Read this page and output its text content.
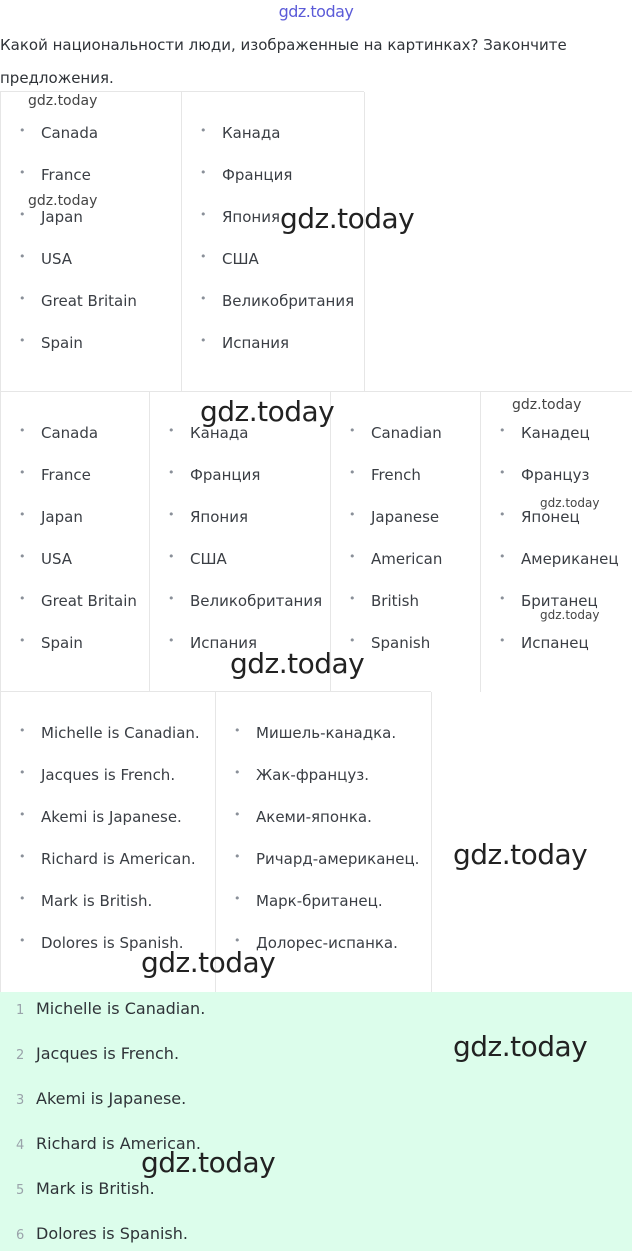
gdz.today
Какой национальности люди, изображенные на картинках? Закончите предложения.
• Canada
• France
• Japan
• USA
• Great Britain
• Spain
• Канада
• Франция
• Япония
• США
• Великобритания
• Испания
• Canada
• France
• Japan
• USA
• Great Britain
• Spain
• Канада
• Франция
• Япония
• США
• Великобритания
• Испания
• Canadian
• French
• Japanese
• American
• British
• Spanish
• Канадец
• Француз
• Японец
• Американец
• Британец
• Испанец
• Michelle is Canadian.
• Jacques is French.
• Akemi is Japanese.
• Richard is American.
• Mark is British.
• Dolores is Spanish.
• Мишель-канадка.
• Жак-француз.
• Акеми-японка.
• Ричард-американец.
• Марк-британец.
• Долорес-испанка.
1 Michelle is Canadian.
2 Jacques is French.
3 Akemi is Japanese.
4 Richard is American.
5 Mark is British.
6 Dolores is Spanish.
gdz.today
gdz.today
gdz.today
gdz.today	gdz.today
gdz.today
gdz.today
gdz.today
gdz.today
gdz.today
gdz.today
gdz.today
